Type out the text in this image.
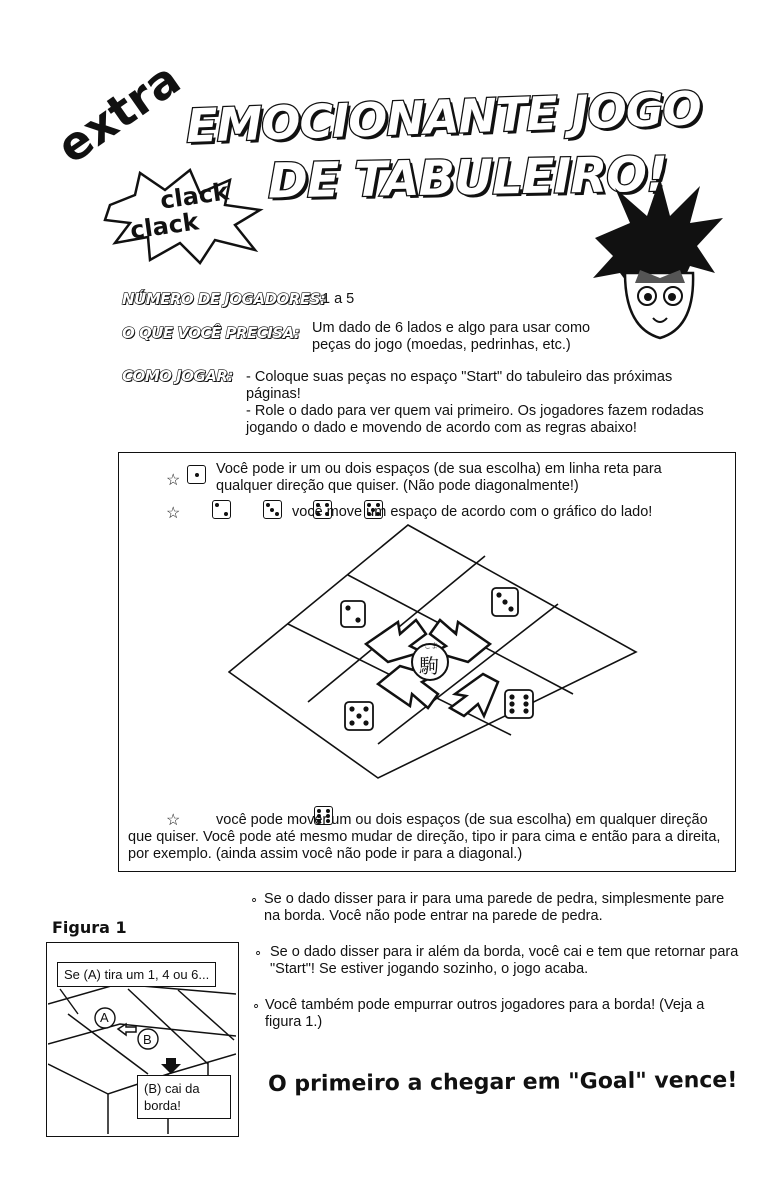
extra
EMOCIONANTE JOGO
DE TABULEIRO!
clack
clack
NÚMERO DE JOGADORES:
1 a 5
O QUE VOCÊ PRECISA: Um dado de 6 lados e algo para usar como peças do jogo (moedas, pedrinhas, etc.)
COMO JOGAR: - Coloque suas peças no espaço "Start" do tabuleiro das próximas páginas!
- Role o dado para ver quem vai primeiro. Os jogadores fazem rodadas jogando o dado e movendo de acordo com as regras abaixo!
☆

Você pode ir um ou dois espaços (de sua escolha) em linha reta para qualquer direção que quiser. (Não pode diagonalmente!)
☆

	você move um espaço de acordo com o gráfico do lado!
こま
駒
☆	você pode mover um ou dois espaços (de sua escolha) em qualquer direção que quiser. Você pode até mesmo mudar de direção, tipo ir para cima e então para a direita, por exemplo. (ainda assim você não pode ir para a diagonal.)
∘ Se o dado disser para ir para uma parede de pedra, simplesmente pare na borda. Você não pode entrar na parede de pedra.
∘ Se o dado disser para ir além da borda, você cai e tem que retornar para "Start"! Se estiver jogando sozinho, o jogo acaba.
∘ Você também pode empurrar outros jogadores para a borda! (Veja a figura 1.)
O primeiro a chegar em "Goal" vence!
Figura 1
A
B
Se (A) tira um 1, 4 ou 6...
(B) cai da borda!
